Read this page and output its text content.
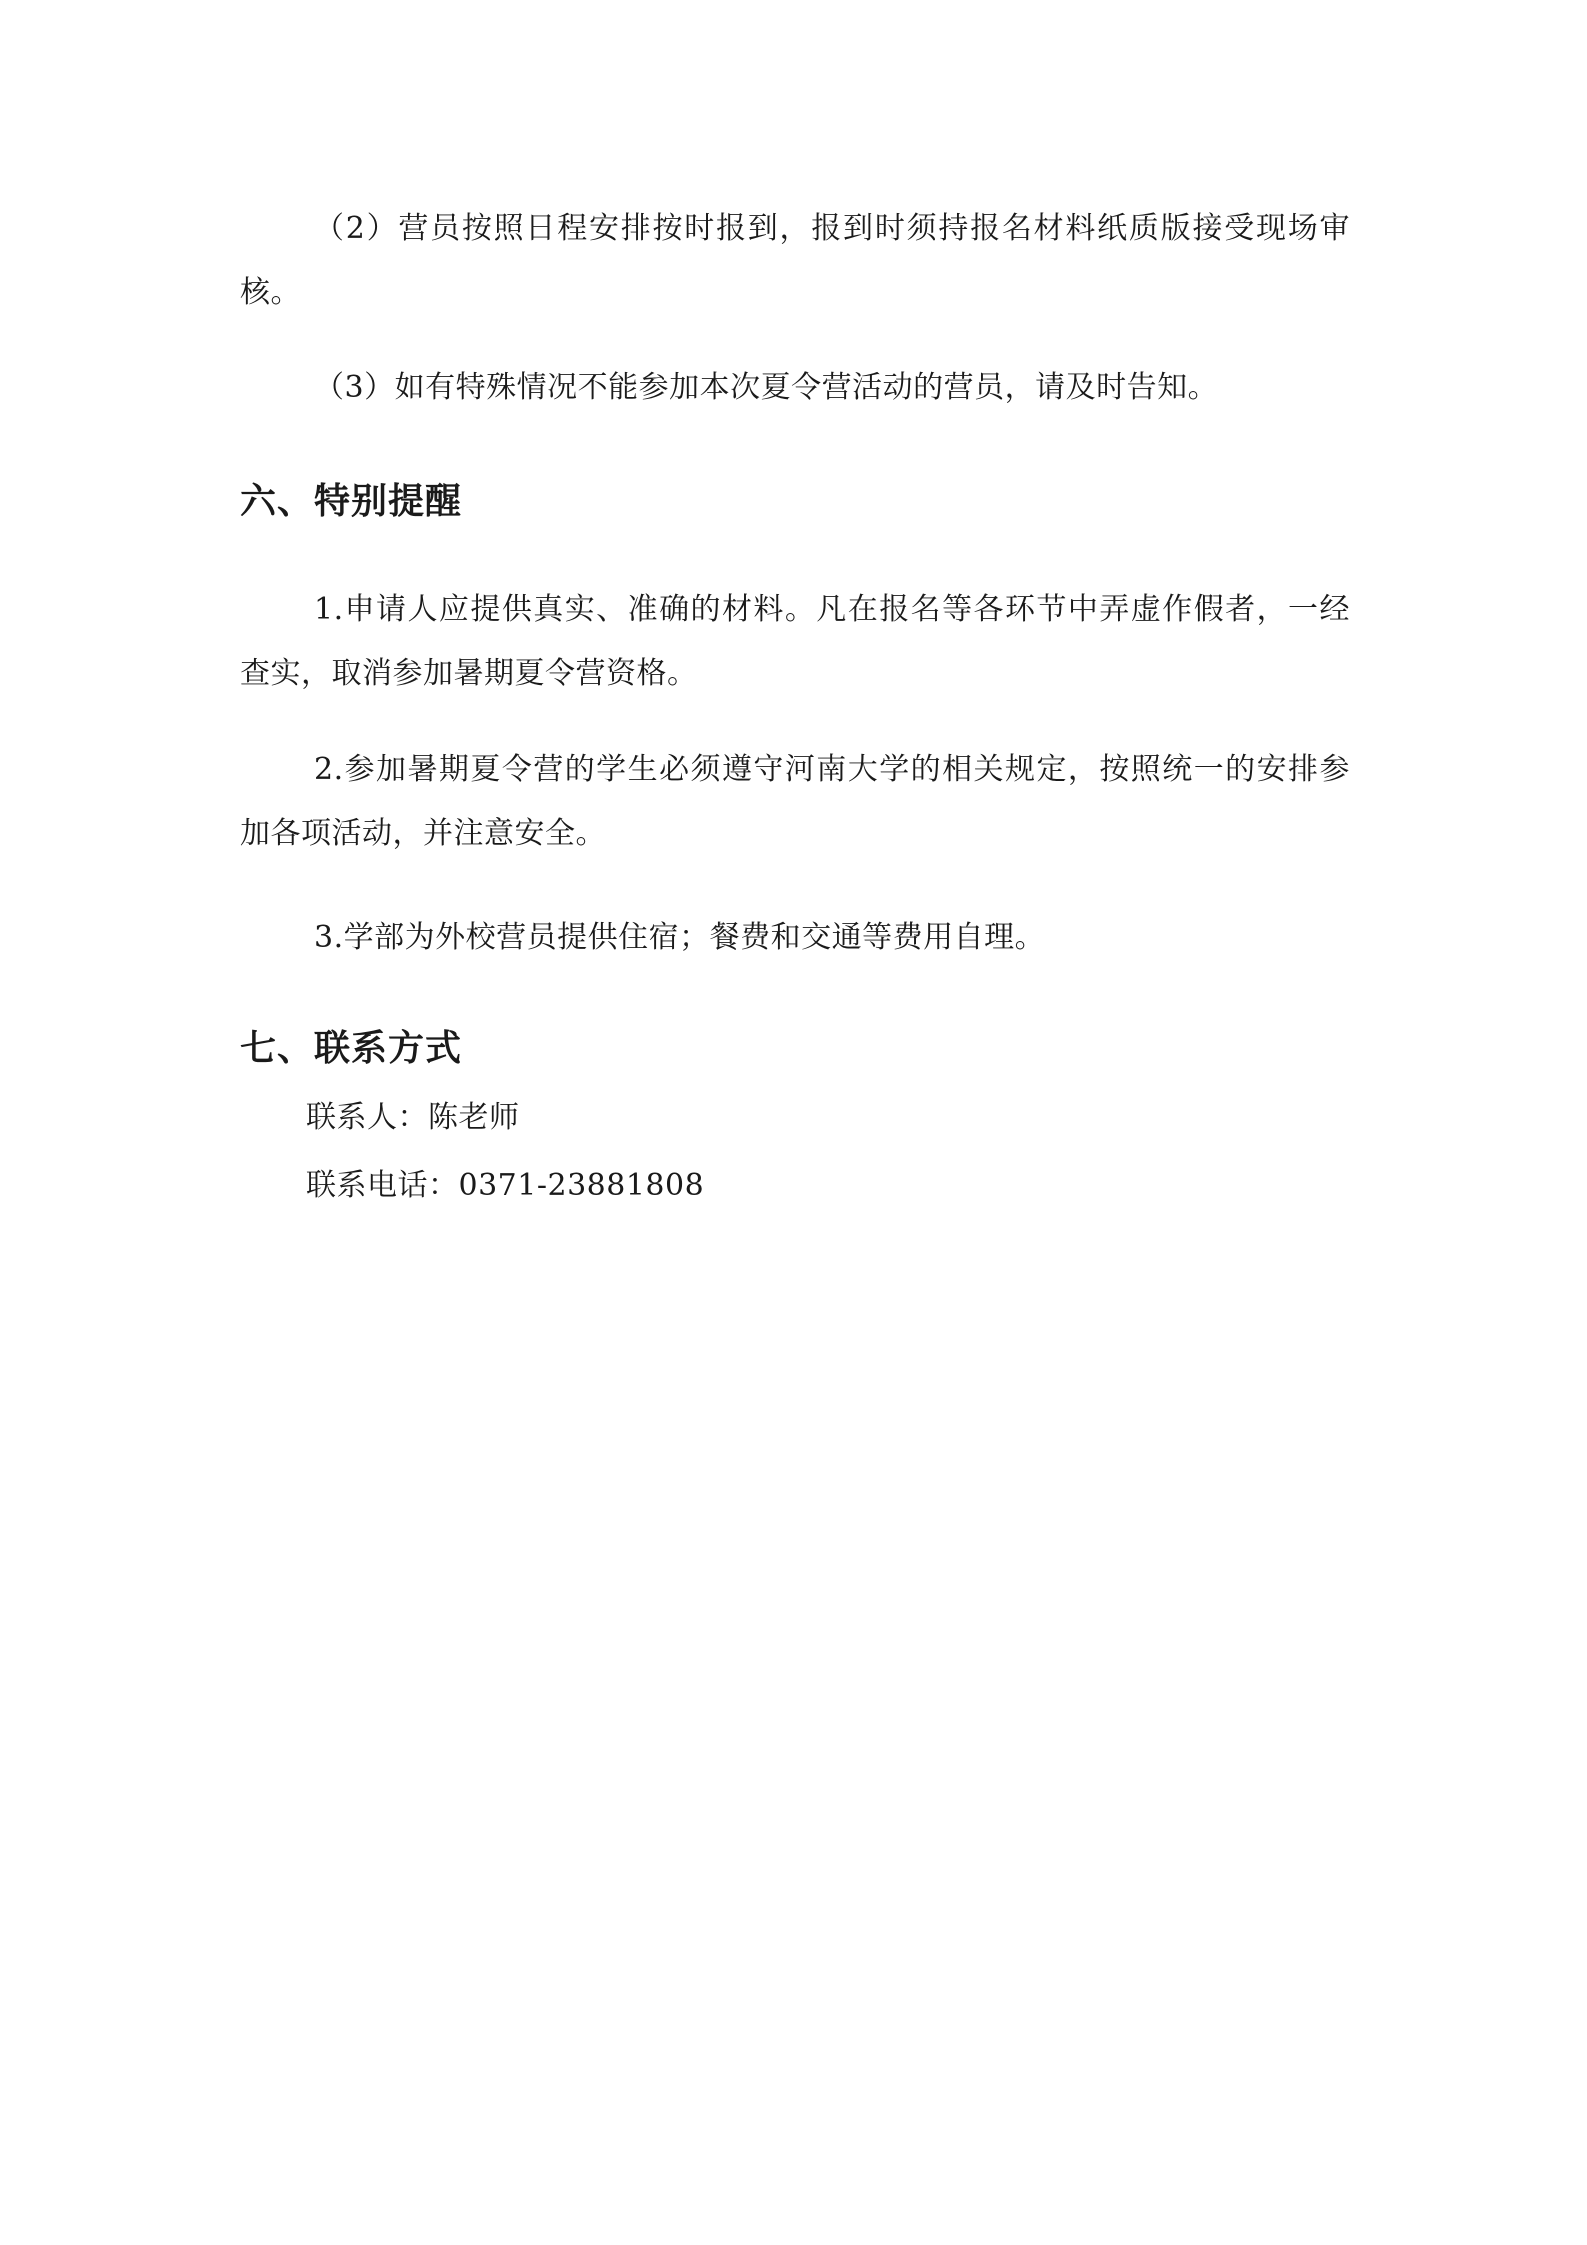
（2）营员按照日程安排按时报到，报到时须持报名材料纸质版接受现场审核。

（3）如有特殊情况不能参加本次夏令营活动的营员，请及时告知。

六、特别提醒

1.申请人应提供真实、准确的材料。凡在报名等各环节中弄虚作假者，一经查实，取消参加暑期夏令营资格。

2.参加暑期夏令营的学生必须遵守河南大学的相关规定，按照统一的安排参加各项活动，并注意安全。

3.学部为外校营员提供住宿；餐费和交通等费用自理。

七、联系方式

联系人：陈老师

联系电话：0371-23881808
